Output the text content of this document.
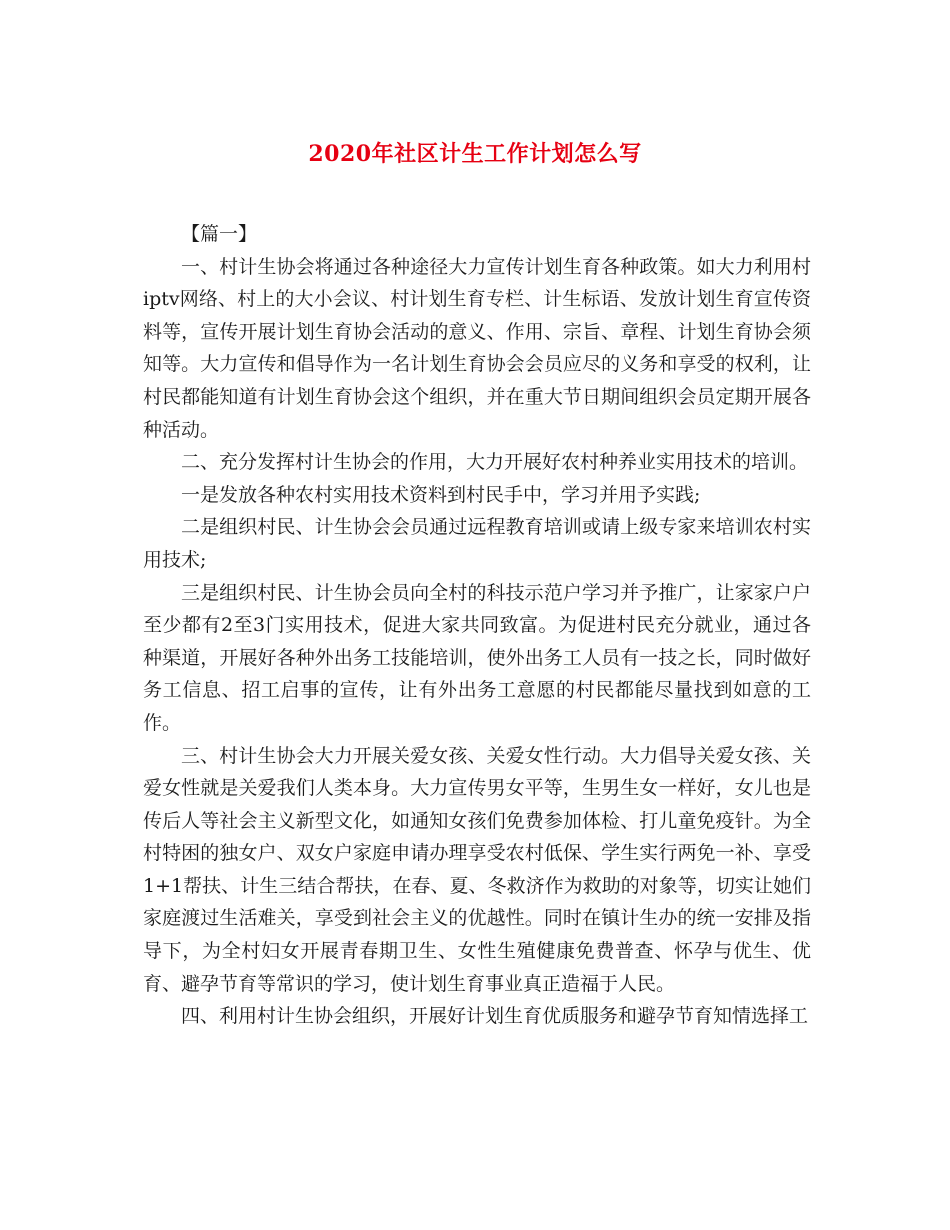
2020年社区计生工作计划怎么写

【篇一】

一、村计生协会将通过各种途径大力宣传计划生育各种政策。如大力利用村iptv网络、村上的大小会议、村计划生育专栏、计生标语、发放计划生育宣传资料等，宣传开展计划生育协会活动的意义、作用、宗旨、章程、计划生育协会须知等。大力宣传和倡导作为一名计划生育协会会员应尽的义务和享受的权利，让村民都能知道有计划生育协会这个组织，并在重大节日期间组织会员定期开展各种活动。

二、充分发挥村计生协会的作用，大力开展好农村种养业实用技术的培训。

一是发放各种农村实用技术资料到村民手中，学习并用予实践;

二是组织村民、计生协会会员通过远程教育培训或请上级专家来培训农村实用技术;

三是组织村民、计生协会员向全村的科技示范户学习并予推广，让家家户户至少都有2至3门实用技术，促进大家共同致富。为促进村民充分就业，通过各种渠道，开展好各种外出务工技能培训，使外出务工人员有一技之长，同时做好务工信息、招工启事的宣传，让有外出务工意愿的村民都能尽量找到如意的工作。

三、村计生协会大力开展关爱女孩、关爱女性行动。大力倡导关爱女孩、关爱女性就是关爱我们人类本身。大力宣传男女平等，生男生女一样好，女儿也是传后人等社会主义新型文化，如通知女孩们免费参加体检、打儿童免疫针。为全村特困的独女户、双女户家庭申请办理享受农村低保、学生实行两免一补、享受1+1帮扶、计生三结合帮扶，在春、夏、冬救济作为救助的对象等，切实让她们家庭渡过生活难关，享受到社会主义的优越性。同时在镇计生办的统一安排及指导下，为全村妇女开展青春期卫生、女性生殖健康免费普查、怀孕与优生、优育、避孕节育等常识的学习，使计划生育事业真正造福于人民。

四、利用村计生协会组织，开展好计划生育优质服务和避孕节育知情选择工
